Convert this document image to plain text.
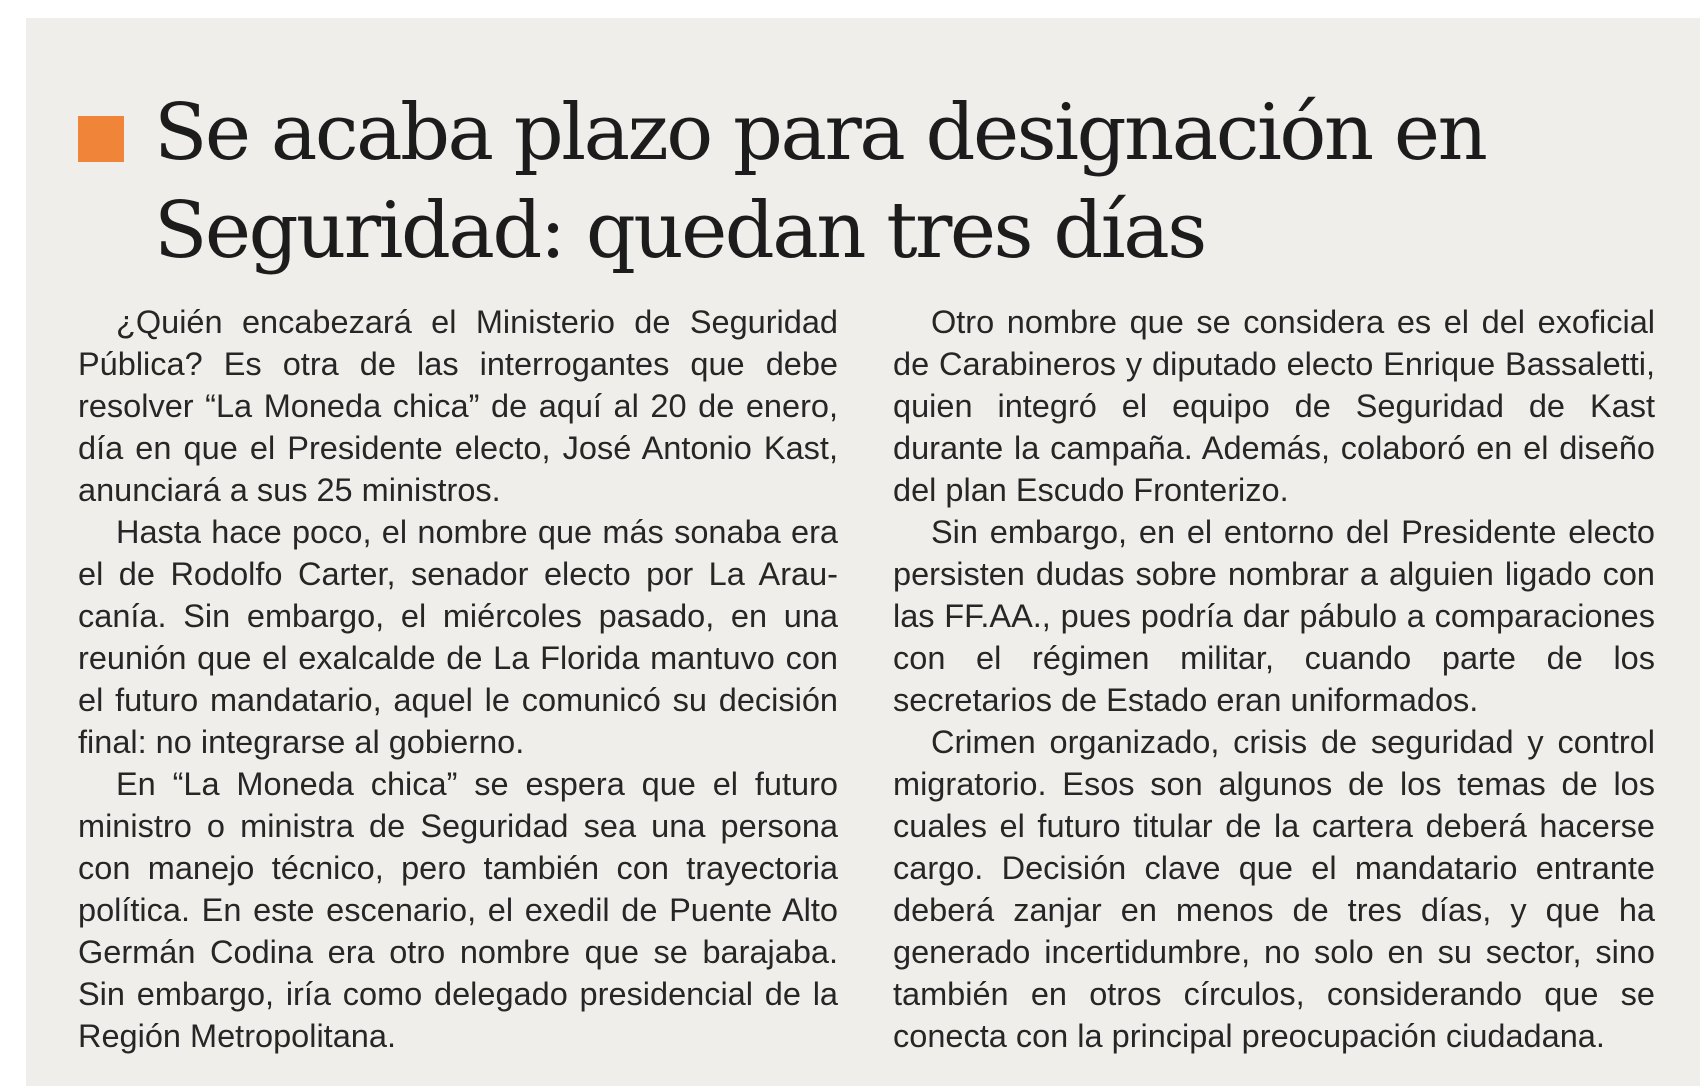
Se acaba plazo para designación en Seguridad: quedan tres días

¿Quién encabezará el Ministerio de Seguridad Pública? Es otra de las interrogantes que debe resolver “La Moneda chica” de aquí al 20 de enero, día en que el Presidente electo, José Antonio Kast, anunciará a sus 25 ministros.

Hasta hace poco, el nombre que más sonaba era el de Rodolfo Carter, senador electo por La Araucanía. Sin embargo, el miércoles pasado, en una reunión que el exalcalde de La Florida mantuvo con el futuro mandatario, aquel le comunicó su decisión final: no integrarse al gobierno.

En “La Moneda chica” se espera que el futuro ministro o ministra de Seguridad sea una persona con manejo técnico, pero también con trayectoria política. En este escenario, el exedil de Puente Alto Germán Codina era otro nombre que se barajaba. Sin embargo, iría como delegado presidencial de la Región Metropolitana.

Otro nombre que se considera es el del exoficial de Carabineros y diputado electo Enrique Bassaletti, quien integró el equipo de Seguridad de Kast durante la campaña. Además, colaboró en el diseño del plan Escudo Fronterizo.

Sin embargo, en el entorno del Presidente electo persisten dudas sobre nombrar a alguien ligado con las FF.AA., pues podría dar pábulo a comparaciones con el régimen militar, cuando parte de los secretarios de Estado eran uniformados.

Crimen organizado, crisis de seguridad y control migratorio. Esos son algunos de los temas de los cuales el futuro titular de la cartera deberá hacerse cargo. Decisión clave que el mandatario entrante deberá zanjar en menos de tres días, y que ha generado incertidumbre, no solo en su sector, sino también en otros círculos, considerando que se conecta con la principal preocupación ciudadana.
